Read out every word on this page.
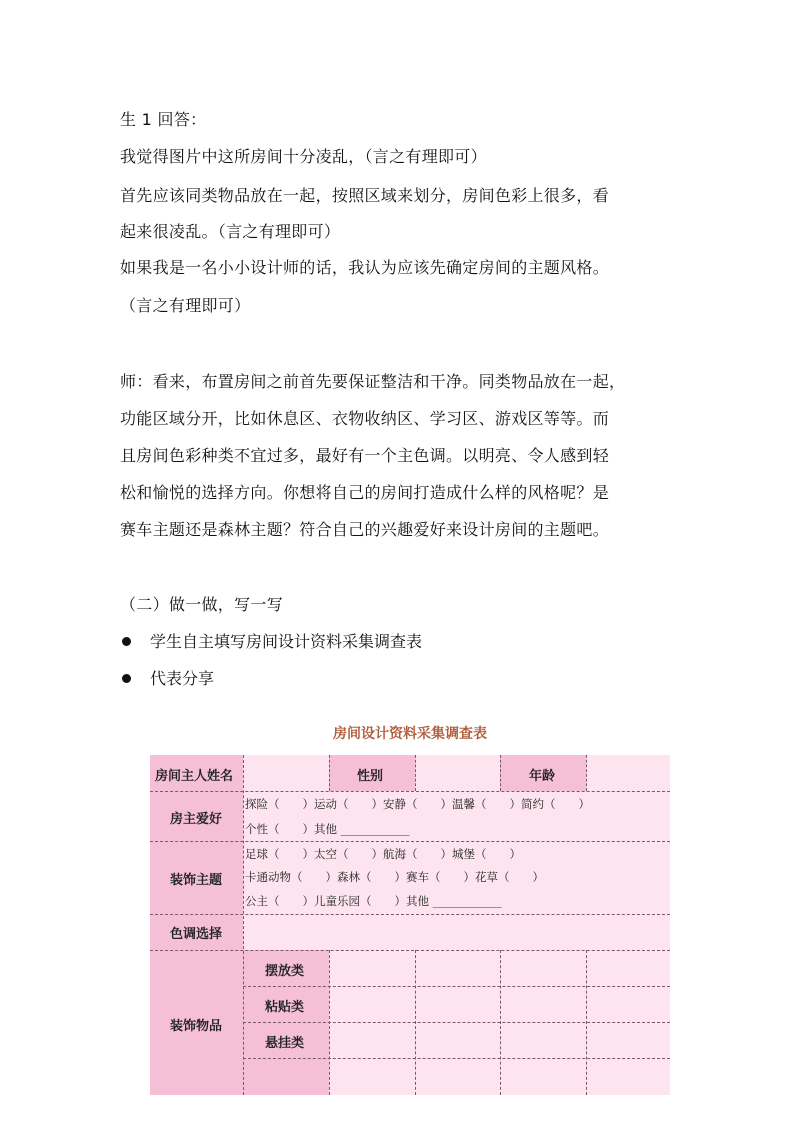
生 1 回答：
我觉得图片中这所房间十分凌乱，（言之有理即可）
首先应该同类物品放在一起，按照区域来划分，房间色彩上很多，看
起来很凌乱。（言之有理即可）
如果我是一名小小设计师的话，我认为应该先确定房间的主题风格。
（言之有理即可）
师：看来，布置房间之前首先要保证整洁和干净。同类物品放在一起，
功能区域分开，比如休息区、衣物收纳区、学习区、游戏区等等。而
且房间色彩种类不宜过多，最好有一个主色调。以明亮、令人感到轻
松和愉悦的选择方向。你想将自己的房间打造成什么样的风格呢？是
赛车主题还是森林主题？符合自己的兴趣爱好来设计房间的主题吧。
（二）做一做，写一写
学生自主填写房间设计资料采集调查表
代表分享
房间设计资料采集调查表
房间主人姓名	性别	年龄
房主爱好
探险（　　）运动（　　）安静（　　）温馨（　　）简约（　　）
个性（　　）其他 ____________
装饰主题
足球（　　）太空（　　）航海（　　）城堡（　　）
卡通动物（　　）森林（　　）赛车（　　）花草（　　）
公主（　　）儿童乐园（　　）其他 ____________
色调选择
装饰物品
摆放类
粘贴类
悬挂类
